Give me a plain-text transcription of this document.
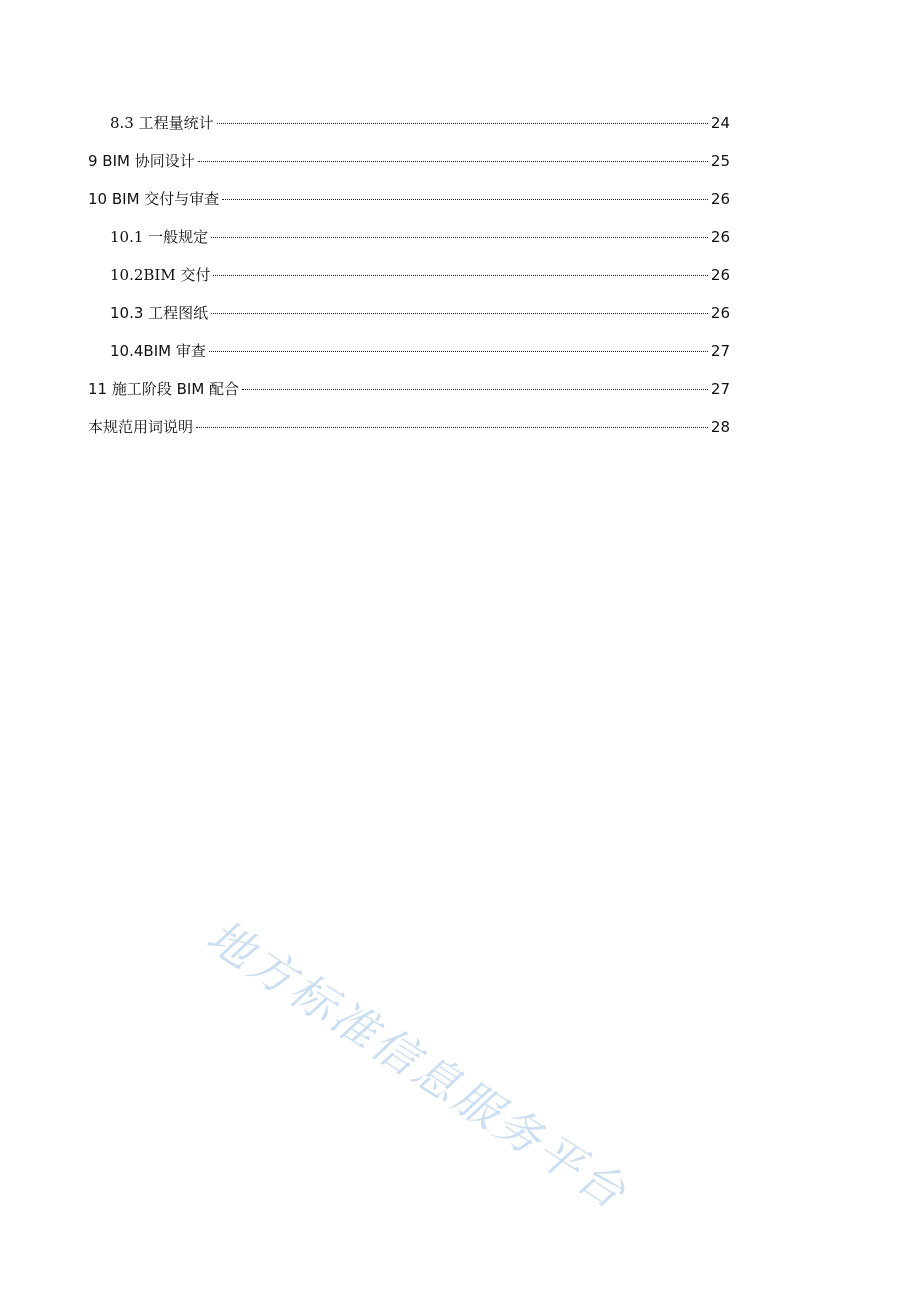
8.3 工程量统计	24
9 BIM 协同设计	25
10 BIM 交付与审查	26
10.1 一般规定	26
10.2BIM 交付	26
10.3 工程图纸	26
10.4BIM 审查	27
11 施工阶段 BIM 配合	27
本规范用词说明	28
地方标准信息服务平台
